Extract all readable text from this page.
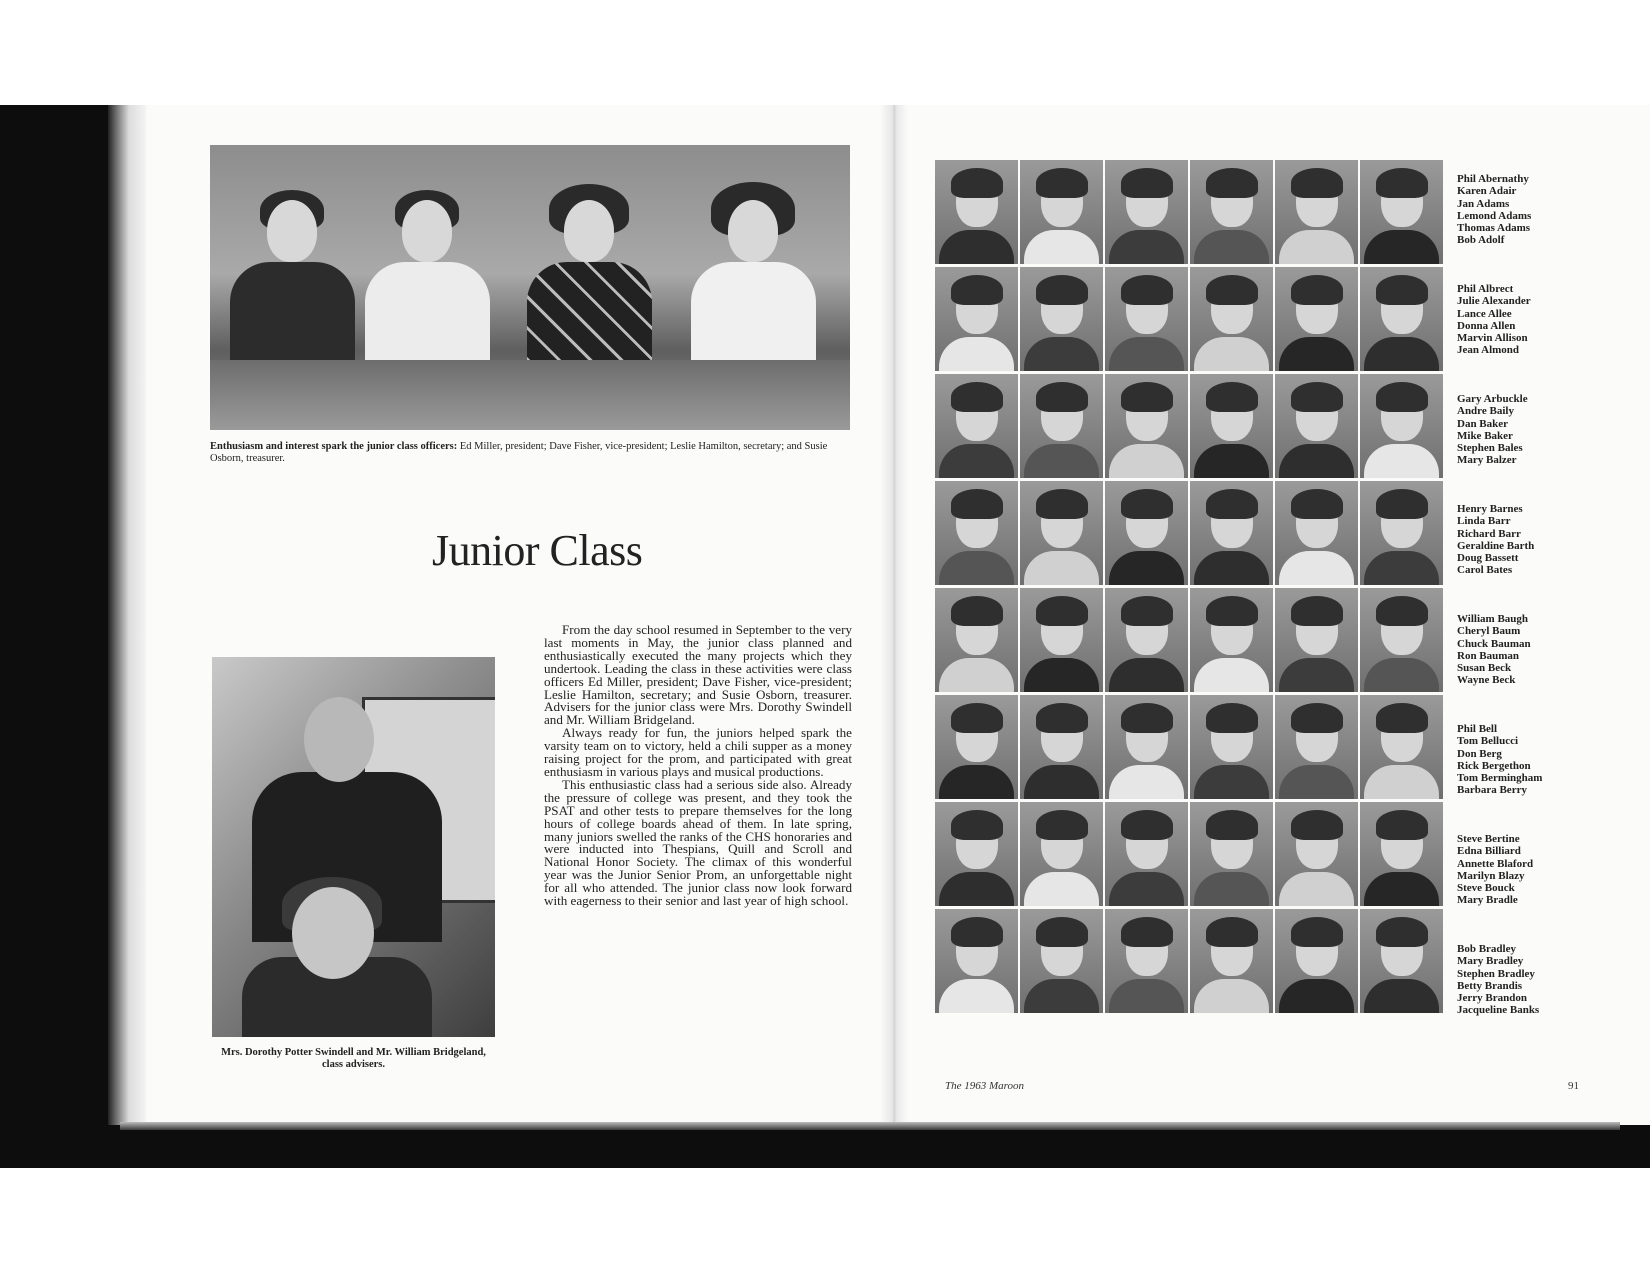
Enthusiasm and interest spark the junior class officers: Ed Miller, president; Dave Fisher, vice-president; Leslie Hamilton, secretary; and Susie Osborn, treasurer.
Junior Class
Mrs. Dorothy Potter Swindell and Mr. William Bridgeland, class advisers.

From the day school resumed in September to the very last moments in May, the junior class planned and enthusiastically executed the many projects which they undertook. Leading the class in these activities were class officers Ed Miller, president; Dave Fisher, vice-president; Leslie Hamilton, secretary; and Susie Osborn, treasurer. Advisers for the junior class were Mrs. Dorothy Swindell and Mr. William Bridgeland.

Always ready for fun, the juniors helped spark the varsity team on to victory, held a chili supper as a money raising project for the prom, and participated with great enthusiasm in various plays and musical productions.

This enthusiastic class had a serious side also. Already the pressure of college was present, and they took the PSAT and other tests to prepare themselves for the long hours of college boards ahead of them. In late spring, many juniors swelled the ranks of the CHS honoraries and were inducted into Thespians, Quill and Scroll and National Honor Society. The climax of this wonderful year was the Junior Senior Prom, an unforgettable night for all who attended. The junior class now look forward with eagerness to their senior and last year of high school.

Phil Abernathy
Karen Adair
Jan Adams
Lemond Adams
Thomas Adams
Bob Adolf
Phil Albrect
Julie Alexander
Lance Allee
Donna Allen
Marvin Allison
Jean Almond
Gary Arbuckle
Andre Baily
Dan Baker
Mike Baker
Stephen Bales
Mary Balzer
Henry Barnes
Linda Barr
Richard Barr
Geraldine Barth
Doug Bassett
Carol Bates
William Baugh
Cheryl Baum
Chuck Bauman
Ron Bauman
Susan Beck
Wayne Beck
Phil Bell
Tom Bellucci
Don Berg
Rick Bergethon
Tom Bermingham
Barbara Berry
Steve Bertine
Edna Billiard
Annette Blaford
Marilyn Blazy
Steve Bouck
Mary Bradle
Bob Bradley
Mary Bradley
Stephen Bradley
Betty Brandis
Jerry Brandon
Jacqueline Banks
The 1963 Maroon	91
